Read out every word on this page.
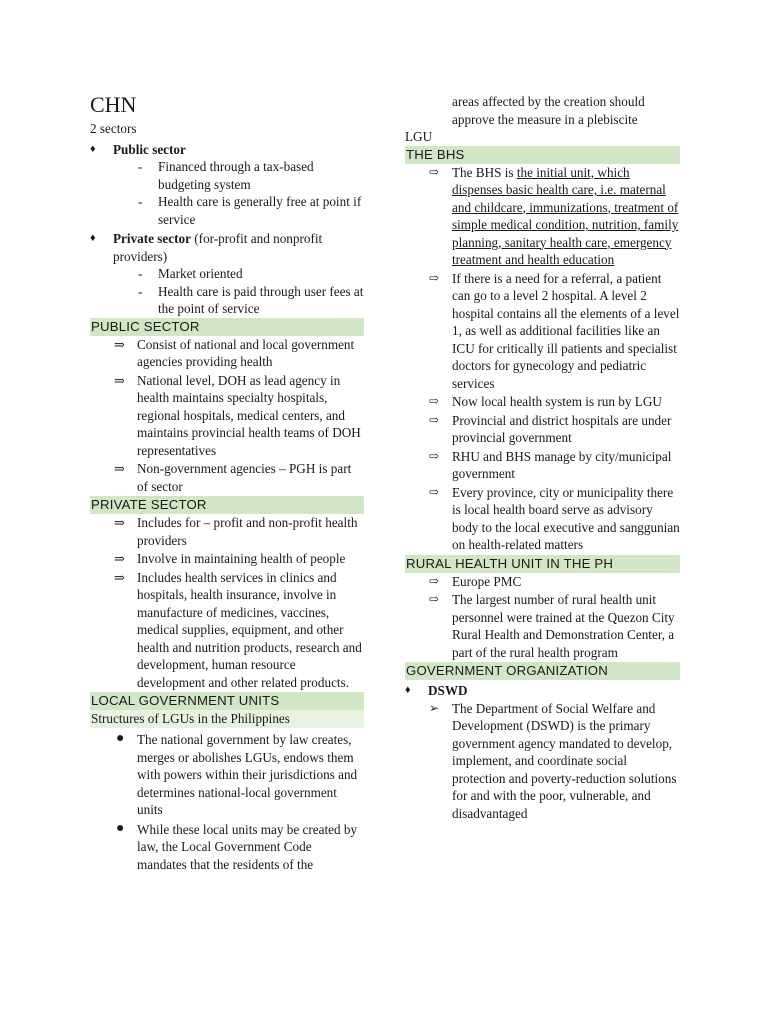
CHN
2 sectors
♦	Public sector
- Financed through a tax-based budgeting system
- Health care is generally free at point if service
♦	Private sector (for-profit and nonprofit providers)
- Market oriented
- Health care is paid through user fees at the point of service
PUBLIC SECTOR
⇒ Consist of national and local government agencies providing health
⇒ National level, DOH as lead agency in health maintains specialty hospitals, regional hospitals, medical centers, and maintains provincial health teams of DOH representatives
⇒ Non-government agencies – PGH is part of sector
PRIVATE SECTOR
⇒ Includes for – profit and non-profit health providers
⇒ Involve in maintaining health of people
⇒ Includes health services in clinics and hospitals, health insurance, involve in manufacture of medicines, vaccines, medical supplies, equipment, and other health and nutrition products, research and development, human resource development and other related products.
LOCAL GOVERNMENT UNITS
Structures of LGUs in the Philippines
● The national government by law creates, merges or abolishes LGUs, endows them with powers within their jurisdictions and determines national-local government units
● While these local units may be created by law, the Local Government Code mandates that the residents of the
areas affected by the creation should approve the measure in a plebiscite
LGU
THE BHS
⇨ The BHS is the initial unit, which dispenses basic health care, i.e. maternal and childcare, immunizations, treatment of simple medical condition, nutrition, family planning, sanitary health care, emergency treatment and health education
⇨ If there is a need for a referral, a patient can go to a level 2 hospital. A level 2 hospital contains all the elements of a level 1, as well as additional facilities like an ICU for critically ill patients and specialist doctors for gynecology and pediatric services
⇨ Now local health system is run by LGU
⇨ Provincial and district hospitals are under provincial government
⇨ RHU and BHS manage by city/municipal government
⇨ Every province, city or municipality there is local health board serve as advisory body to the local executive and sanggunian on health-related matters
RURAL HEALTH UNIT IN THE PH
⇨ Europe PMC
⇨ The largest number of rural health unit personnel were trained at the Quezon City Rural Health and Demonstration Center, a part of the rural health program
GOVERNMENT ORGANIZATION
♦	DSWD
➢ The Department of Social Welfare and Development (DSWD) is the primary government agency mandated to develop, implement, and coordinate social protection and poverty-reduction solutions for and with the poor, vulnerable, and disadvantaged
